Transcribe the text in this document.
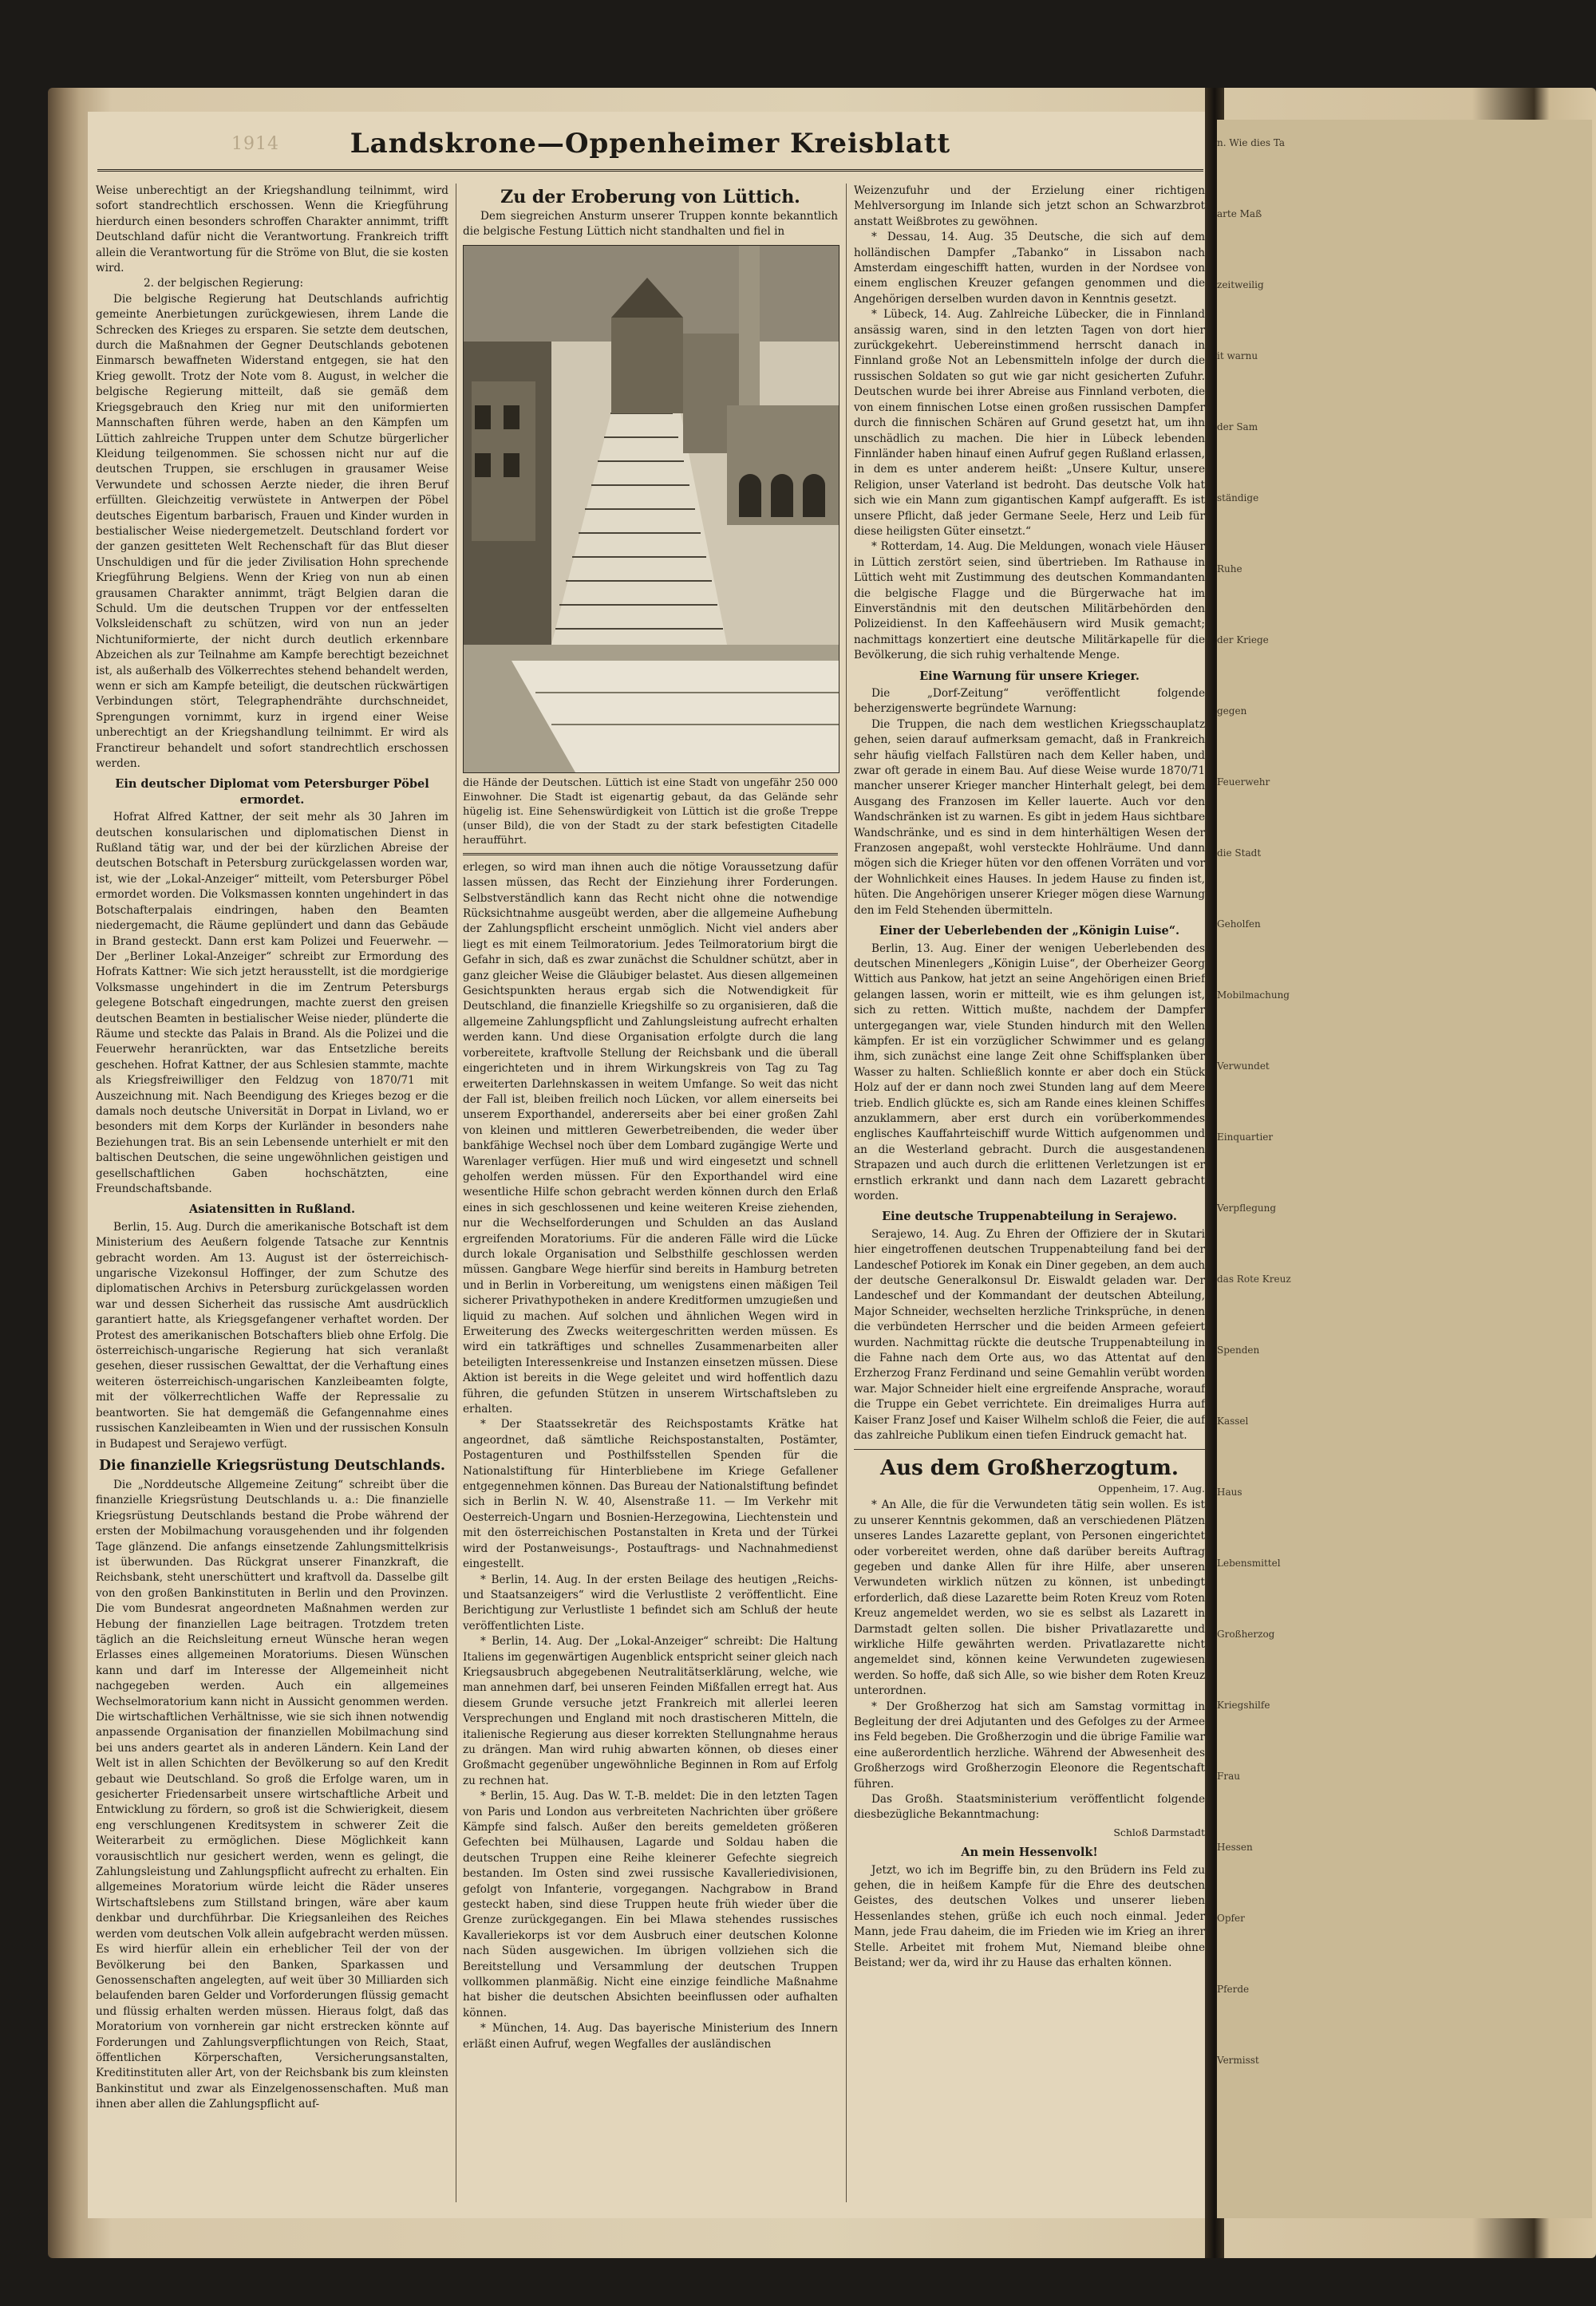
1914	Landskrone—Oppenheimer Kreisblatt

Weise unberechtigt an der Kriegshandlung teilnimmt, wird sofort standrechtlich erschossen. Wenn die Kriegführung hierdurch einen besonders schroffen Charakter annimmt, trifft Deutschland dafür nicht die Verantwortung. Frankreich trifft allein die Verantwortung für die Ströme von Blut, die sie kosten wird.

2. der belgischen Regierung:

Die belgische Regierung hat Deutschlands aufrichtig gemeinte Anerbietungen zurückgewiesen, ihrem Lande die Schrecken des Krieges zu ersparen. Sie setzte dem deutschen, durch die Maßnahmen der Gegner Deutschlands gebotenen Einmarsch bewaffneten Widerstand entgegen, sie hat den Krieg gewollt. Trotz der Note vom 8. August, in welcher die belgische Regierung mitteilt, daß sie gemäß dem Kriegsgebrauch den Krieg nur mit den uniformierten Mannschaften führen werde, haben an den Kämpfen um Lüttich zahlreiche Truppen unter dem Schutze bürgerlicher Kleidung teilgenommen. Sie schossen nicht nur auf die deutschen Truppen, sie erschlugen in grausamer Weise Verwundete und schossen Aerzte nieder, die ihren Beruf erfüllten. Gleichzeitig verwüstete in Antwerpen der Pöbel deutsches Eigentum barbarisch, Frauen und Kinder wurden in bestialischer Weise niedergemetzelt. Deutschland fordert vor der ganzen gesitteten Welt Rechenschaft für das Blut dieser Unschuldigen und für die jeder Zivilisation Hohn sprechende Kriegführung Belgiens. Wenn der Krieg von nun ab einen grausamen Charakter annimmt, trägt Belgien daran die Schuld. Um die deutschen Truppen vor der entfesselten Volksleidenschaft zu schützen, wird von nun an jeder Nichtuniformierte, der nicht durch deutlich erkennbare Abzeichen als zur Teilnahme am Kampfe berechtigt bezeichnet ist, als außerhalb des Völkerrechtes stehend behandelt werden, wenn er sich am Kampfe beteiligt, die deutschen rückwärtigen Verbindungen stört, Telegraphendrähte durchschneidet, Sprengungen vornimmt, kurz in irgend einer Weise unberechtigt an der Kriegshandlung teilnimmt. Er wird als Franctireur behandelt und sofort standrechtlich erschossen werden.

Ein deutscher Diplomat vom Petersburger Pöbel ermordet.

Hofrat Alfred Kattner, der seit mehr als 30 Jahren im deutschen konsularischen und diplomatischen Dienst in Rußland tätig war, und der bei der kürzlichen Abreise der deutschen Botschaft in Petersburg zurückgelassen worden war, ist, wie der „Lokal-Anzeiger“ mitteilt, vom Petersburger Pöbel ermordet worden. Die Volksmassen konnten ungehindert in das Botschafterpalais eindringen, haben den Beamten niedergemacht, die Räume geplündert und dann das Gebäude in Brand gesteckt. Dann erst kam Polizei und Feuerwehr. — Der „Berliner Lokal-Anzeiger“ schreibt zur Ermordung des Hofrats Kattner: Wie sich jetzt herausstellt, ist die mordgierige Volksmasse ungehindert in die im Zentrum Petersburgs gelegene Botschaft eingedrungen, machte zuerst den greisen deutschen Beamten in bestialischer Weise nieder, plünderte die Räume und steckte das Palais in Brand. Als die Polizei und die Feuerwehr heranrückten, war das Entsetzliche bereits geschehen. Hofrat Kattner, der aus Schlesien stammte, machte als Kriegsfreiwilliger den Feldzug von 1870/71 mit Auszeichnung mit. Nach Beendigung des Krieges bezog er die damals noch deutsche Universität in Dorpat in Livland, wo er besonders mit dem Korps der Kurländer in besonders nahe Beziehungen trat. Bis an sein Lebensende unterhielt er mit den baltischen Deutschen, die seine ungewöhnlichen geistigen und gesellschaftlichen Gaben hochschätzten, eine Freundschaftsbande.

Asiatensitten in Rußland.

Berlin, 15. Aug. Durch die amerikanische Botschaft ist dem Ministerium des Aeußern folgende Tatsache zur Kenntnis gebracht worden. Am 13. August ist der österreichisch-ungarische Vizekonsul Hoffinger, der zum Schutze des diplomatischen Archivs in Petersburg zurückgelassen worden war und dessen Sicherheit das russische Amt ausdrücklich garantiert hatte, als Kriegsgefangener verhaftet worden. Der Protest des amerikanischen Botschafters blieb ohne Erfolg. Die österreichisch-ungarische Regierung hat sich veranlaßt gesehen, dieser russischen Gewalttat, der die Verhaftung eines weiteren österreichisch-ungarischen Kanzleibeamten folgte, mit der völkerrechtlichen Waffe der Repressalie zu beantworten. Sie hat demgemäß die Gefangennahme eines russischen Kanzleibeamten in Wien und der russischen Konsuln in Budapest und Serajewo verfügt.

Die finanzielle Kriegsrüstung Deutschlands.

Die „Norddeutsche Allgemeine Zeitung“ schreibt über die finanzielle Kriegsrüstung Deutschlands u. a.: Die finanzielle Kriegsrüstung Deutschlands bestand die Probe während der ersten der Mobilmachung vorausgehenden und ihr folgenden Tage glänzend. Die anfangs einsetzende Zahlungsmittelkrisis ist überwunden. Das Rückgrat unserer Finanzkraft, die Reichsbank, steht unerschüttert und kraftvoll da. Dasselbe gilt von den großen Bankinstituten in Berlin und den Provinzen. Die vom Bundesrat angeordneten Maßnahmen werden zur Hebung der finanziellen Lage beitragen. Trotzdem treten täglich an die Reichsleitung erneut Wünsche heran wegen Erlasses eines allgemeinen Moratoriums. Diesen Wünschen kann und darf im Interesse der Allgemeinheit nicht nachgegeben werden. Auch ein allgemeines Wechselmoratorium kann nicht in Aussicht genommen werden. Die wirtschaftlichen Verhältnisse, wie sie sich ihnen notwendig anpassende Organisation der finanziellen Mobilmachung sind bei uns anders geartet als in anderen Ländern. Kein Land der Welt ist in allen Schichten der Bevölkerung so auf den Kredit gebaut wie Deutschland. So groß die Erfolge waren, um in gesicherter Friedensarbeit unsere wirtschaftliche Arbeit und Entwicklung zu fördern, so groß ist die Schwierigkeit, diesem eng verschlungenen Kreditsystem in schwerer Zeit die Weiterarbeit zu ermöglichen. Diese Möglichkeit kann vorausischtlich nur gesichert werden, wenn es gelingt, die Zahlungsleistung und Zahlungspflicht aufrecht zu erhalten. Ein allgemeines Moratorium würde leicht die Räder unseres Wirtschaftslebens zum Stillstand bringen, wäre aber kaum denkbar und durchführbar. Die Kriegsanleihen des Reiches werden vom deutschen Volk allein aufgebracht werden müssen. Es wird hierfür allein ein erheblicher Teil der von der Bevölkerung bei den Banken, Sparkassen und Genossenschaften angelegten, auf weit über 30 Milliarden sich belaufenden baren Gelder und Vorforderungen flüssig gemacht und flüssig erhalten werden müssen. Hieraus folgt, daß das Moratorium von vornherein gar nicht erstrecken könnte auf Forderungen und Zahlungsverpflichtungen von Reich, Staat, öffentlichen Körperschaften, Versicherungsanstalten, Kreditinstituten aller Art, von der Reichsbank bis zum kleinsten Bankinstitut und zwar als Einzelgenossenschaften. Muß man ihnen aber allen die Zahlungspflicht auf-

Zu der Eroberung von Lüttich.

Dem siegreichen Ansturm unserer Truppen konnte bekanntlich die belgische Festung Lüttich nicht standhalten und fiel in

die Hände der Deutschen. Lüttich ist eine Stadt von ungefähr 250 000 Einwohner. Die Stadt ist eigenartig gebaut, da das Gelände sehr hügelig ist. Eine Sehenswürdigkeit von Lüttich ist die große Treppe (unser Bild), die von der Stadt zu der stark befestigten Citadelle heraufführt.

erlegen, so wird man ihnen auch die nötige Voraussetzung dafür lassen müssen, das Recht der Einziehung ihrer Forderungen. Selbstverständlich kann das Recht nicht ohne die notwendige Rücksichtnahme ausgeübt werden, aber die allgemeine Aufhebung der Zahlungspflicht erscheint unmöglich. Nicht viel anders aber liegt es mit einem Teilmoratorium. Jedes Teilmoratorium birgt die Gefahr in sich, daß es zwar zunächst die Schuldner schützt, aber in ganz gleicher Weise die Gläubiger belastet. Aus diesen allgemeinen Gesichtspunkten heraus ergab sich die Notwendigkeit für Deutschland, die finanzielle Kriegshilfe so zu organisieren, daß die allgemeine Zahlungspflicht und Zahlungsleistung aufrecht erhalten werden kann. Und diese Organisation erfolgte durch die lang vorbereitete, kraftvolle Stellung der Reichsbank und die überall eingerichteten und in ihrem Wirkungskreis von Tag zu Tag erweiterten Darlehnskassen in weitem Umfange. So weit das nicht der Fall ist, bleiben freilich noch Lücken, vor allem einerseits bei unserem Exporthandel, andererseits aber bei einer großen Zahl von kleinen und mittleren Gewerbetreibenden, die weder über bankfähige Wechsel noch über dem Lombard zugängige Werte und Warenlager verfügen. Hier muß und wird eingesetzt und schnell geholfen werden müssen. Für den Exporthandel wird eine wesentliche Hilfe schon gebracht werden können durch den Erlaß eines in sich geschlossenen und keine weiteren Kreise ziehenden, nur die Wechselforderungen und Schulden an das Ausland ergreifenden Moratoriums. Für die anderen Fälle wird die Lücke durch lokale Organisation und Selbsthilfe geschlossen werden müssen. Gangbare Wege hierfür sind bereits in Hamburg betreten und in Berlin in Vorbereitung, um wenigstens einen mäßigen Teil sicherer Privathypotheken in andere Kreditformen umzugießen und liquid zu machen. Auf solchen und ähnlichen Wegen wird in Erweiterung des Zwecks weitergeschritten werden müssen. Es wird ein tatkräftiges und schnelles Zusammenarbeiten aller beteiligten Interessenkreise und Instanzen einsetzen müssen. Diese Aktion ist bereits in die Wege geleitet und wird hoffentlich dazu führen, die gefunden Stützen in unserem Wirtschaftsleben zu erhalten.

* Der Staatssekretär des Reichspostamts Krätke hat angeordnet, daß sämtliche Reichspostanstalten, Postämter, Postagenturen und Posthilfsstellen Spenden für die Nationalstiftung für Hinterbliebene im Kriege Gefallener entgegennehmen können. Das Bureau der Nationalstiftung befindet sich in Berlin N. W. 40, Alsenstraße 11. — Im Verkehr mit Oesterreich-Ungarn und Bosnien-Herzegowina, Liechtenstein und mit den österreichischen Postanstalten in Kreta und der Türkei wird der Postanweisungs-, Postauftrags- und Nachnahmedienst eingestellt.

* Berlin, 14. Aug. In der ersten Beilage des heutigen „Reichs- und Staatsanzeigers“ wird die Verlustliste 2 veröffentlicht. Eine Berichtigung zur Verlustliste 1 befindet sich am Schluß der heute veröffentlichten Liste.

* Berlin, 14. Aug. Der „Lokal-Anzeiger“ schreibt: Die Haltung Italiens im gegenwärtigen Augenblick entspricht seiner gleich nach Kriegsausbruch abgegebenen Neutralitätserklärung, welche, wie man annehmen darf, bei unseren Feinden Mißfallen erregt hat. Aus diesem Grunde versuche jetzt Frankreich mit allerlei leeren Versprechungen und England mit noch drastischeren Mitteln, die italienische Regierung aus dieser korrekten Stellungnahme heraus zu drängen. Man wird ruhig abwarten können, ob dieses einer Großmacht gegenüber ungewöhnliche Beginnen in Rom auf Erfolg zu rechnen hat.

* Berlin, 15. Aug. Das W. T.-B. meldet: Die in den letzten Tagen von Paris und London aus verbreiteten Nachrichten über größere Kämpfe sind falsch. Außer den bereits gemeldeten größeren Gefechten bei Mülhausen, Lagarde und Soldau haben die deutschen Truppen eine Reihe kleinerer Gefechte siegreich bestanden. Im Osten sind zwei russische Kavalleriedivisionen, gefolgt von Infanterie, vorgegangen. Nachgrabow in Brand gesteckt haben, sind diese Truppen heute früh wieder über die Grenze zurückgegangen. Ein bei Mlawa stehendes russisches Kavalleriekorps ist vor dem Ausbruch einer deutschen Kolonne nach Süden ausgewichen. Im übrigen vollziehen sich die Bereitstellung und Versammlung der deutschen Truppen vollkommen planmäßig. Nicht eine einzige feindliche Maßnahme hat bisher die deutschen Absichten beeinflussen oder aufhalten können.

* München, 14. Aug. Das bayerische Ministerium des Innern erläßt einen Aufruf, wegen Wegfalles der ausländischen

Weizenzufuhr und der Erzielung einer richtigen Mehlversorgung im Inlande sich jetzt schon an Schwarzbrot anstatt Weißbrotes zu gewöhnen.

* Dessau, 14. Aug. 35 Deutsche, die sich auf dem holländischen Dampfer „Tabanko“ in Lissabon nach Amsterdam eingeschifft hatten, wurden in der Nordsee von einem englischen Kreuzer gefangen genommen und die Angehörigen derselben wurden davon in Kenntnis gesetzt.

* Lübeck, 14. Aug. Zahlreiche Lübecker, die in Finnland ansässig waren, sind in den letzten Tagen von dort hier zurückgekehrt. Uebereinstimmend herrscht danach in Finnland große Not an Lebensmitteln infolge der durch die russischen Soldaten so gut wie gar nicht gesicherten Zufuhr. Deutschen wurde bei ihrer Abreise aus Finnland verboten, die von einem finnischen Lotse einen großen russischen Dampfer durch die finnischen Schären auf Grund gesetzt hat, um ihn unschädlich zu machen. Die hier in Lübeck lebenden Finnländer haben hinauf einen Aufruf gegen Rußland erlassen, in dem es unter anderem heißt: „Unsere Kultur, unsere Religion, unser Vaterland ist bedroht. Das deutsche Volk hat sich wie ein Mann zum gigantischen Kampf aufgerafft. Es ist unsere Pflicht, daß jeder Germane Seele, Herz und Leib für diese heiligsten Güter einsetzt.“

* Rotterdam, 14. Aug. Die Meldungen, wonach viele Häuser in Lüttich zerstört seien, sind übertrieben. Im Rathause in Lüttich weht mit Zustimmung des deutschen Kommandanten die belgische Flagge und die Bürgerwache hat im Einverständnis mit den deutschen Militärbehörden den Polizeidienst. In den Kaffeehäusern wird Musik gemacht; nachmittags konzertiert eine deutsche Militärkapelle für die Bevölkerung, die sich ruhig verhaltende Menge.

Eine Warnung für unsere Krieger.

Die „Dorf-Zeitung“ veröffentlicht folgende beherzigenswerte begründete Warnung:

Die Truppen, die nach dem westlichen Kriegsschauplatz gehen, seien darauf aufmerksam gemacht, daß in Frankreich sehr häufig vielfach Fallstüren nach dem Keller haben, und zwar oft gerade in einem Bau. Auf diese Weise wurde 1870/71 mancher unserer Krieger mancher Hinterhalt gelegt, bei dem Ausgang des Franzosen im Keller lauerte. Auch vor den Wandschränken ist zu warnen. Es gibt in jedem Haus sichtbare Wandschränke, und es sind in dem hinterhältigen Wesen der Franzosen angepaßt, wohl versteckte Hohlräume. Und dann mögen sich die Krieger hüten vor den offenen Vorräten und vor der Wohnlichkeit eines Hauses. In jedem Hause zu finden ist, hüten. Die Angehörigen unserer Krieger mögen diese Warnung den im Feld Stehenden übermitteln.

Einer der Ueberlebenden der „Königin Luise“.

Berlin, 13. Aug. Einer der wenigen Ueberlebenden des deutschen Minenlegers „Königin Luise“, der Oberheizer Georg Wittich aus Pankow, hat jetzt an seine Angehörigen einen Brief gelangen lassen, worin er mitteilt, wie es ihm gelungen ist, sich zu retten. Wittich mußte, nachdem der Dampfer untergegangen war, viele Stunden hindurch mit den Wellen kämpfen. Er ist ein vorzüglicher Schwimmer und es gelang ihm, sich zunächst eine lange Zeit ohne Schiffsplanken über Wasser zu halten. Schließlich konnte er aber doch ein Stück Holz auf der er dann noch zwei Stunden lang auf dem Meere trieb. Endlich glückte es, sich am Rande eines kleinen Schiffes anzuklammern, aber erst durch ein vorüberkommendes englisches Kauffahrteischiff wurde Wittich aufgenommen und an die Westerland gebracht. Durch die ausgestandenen Strapazen und auch durch die erlittenen Verletzungen ist er ernstlich erkrankt und dann nach dem Lazarett gebracht worden.

Eine deutsche Truppenabteilung in Serajewo.

Serajewo, 14. Aug. Zu Ehren der Offiziere der in Skutari hier eingetroffenen deutschen Truppenabteilung fand bei der Landeschef Potiorek im Konak ein Diner gegeben, an dem auch der deutsche Generalkonsul Dr. Eiswaldt geladen war. Der Landeschef und der Kommandant der deutschen Abteilung, Major Schneider, wechselten herzliche Trinksprüche, in denen die verbündeten Herrscher und die beiden Armeen gefeiert wurden. Nachmittag rückte die deutsche Truppenabteilung in die Fahne nach dem Orte aus, wo das Attentat auf den Erzherzog Franz Ferdinand und seine Gemahlin verübt worden war. Major Schneider hielt eine ergreifende Ansprache, worauf die Truppe ein Gebet verrichtete. Ein dreimaliges Hurra auf Kaiser Franz Josef und Kaiser Wilhelm schloß die Feier, die auf das zahlreiche Publikum einen tiefen Eindruck gemacht hat.

Aus dem Großherzogtum.
Oppenheim, 17. Aug.

* An Alle, die für die Verwundeten tätig sein wollen. Es ist zu unserer Kenntnis gekommen, daß an verschiedenen Plätzen unseres Landes Lazarette geplant, von Personen eingerichtet oder vorbereitet werden, ohne daß darüber bereits Auftrag gegeben und danke Allen für ihre Hilfe, aber unseren Verwundeten wirklich nützen zu können, ist unbedingt erforderlich, daß diese Lazarette beim Roten Kreuz vom Roten Kreuz angemeldet werden, wo sie es selbst als Lazarett in Darmstadt gelten sollen. Die bisher Privatlazarette und wirkliche Hilfe gewährten werden. Privatlazarette nicht angemeldet sind, können keine Verwundeten zugewiesen werden. So hoffe, daß sich Alle, so wie bisher dem Roten Kreuz unterordnen.

* Der Großherzog hat sich am Samstag vormittag in Begleitung der drei Adjutanten und des Gefolges zu der Armee ins Feld begeben. Die Großherzogin und die übrige Familie war eine außerordentlich herzliche. Während der Abwesenheit des Großherzogs wird Großherzogin Eleonore die Regentschaft führen.

Das Großh. Staatsministerium veröffentlicht folgende diesbezügliche Bekanntmachung:

Schloß Darmstadt
An mein Hessenvolk!

Jetzt, wo ich im Begriffe bin, zu den Brüdern ins Feld zu gehen, die in heißem Kampfe für die Ehre des deutschen Geistes, des deutschen Volkes und unserer lieben Hessenlandes stehen, grüße ich euch noch einmal. Jeder Mann, jede Frau daheim, die im Frieden wie im Krieg an ihrer Stelle. Arbeitet mit frohem Mut, Niemand bleibe ohne Beistand; wer da, wird ihr zu Hause das erhalten können.

n. Wie dies Ta
arte Maß
zeitweilig
it warnu
der Sam
ständige
Ruhe
der Kriege
gegen
Feuerwehr
die Stadt
Geholfen
Mobilmachung
Verwundet
Einquartier
Verpflegung
das Rote Kreuz
Spenden
Kassel
Haus
Lebensmittel
Großherzog
Kriegshilfe
Frau
Hessen
Opfer
Pferde
Vermisst
